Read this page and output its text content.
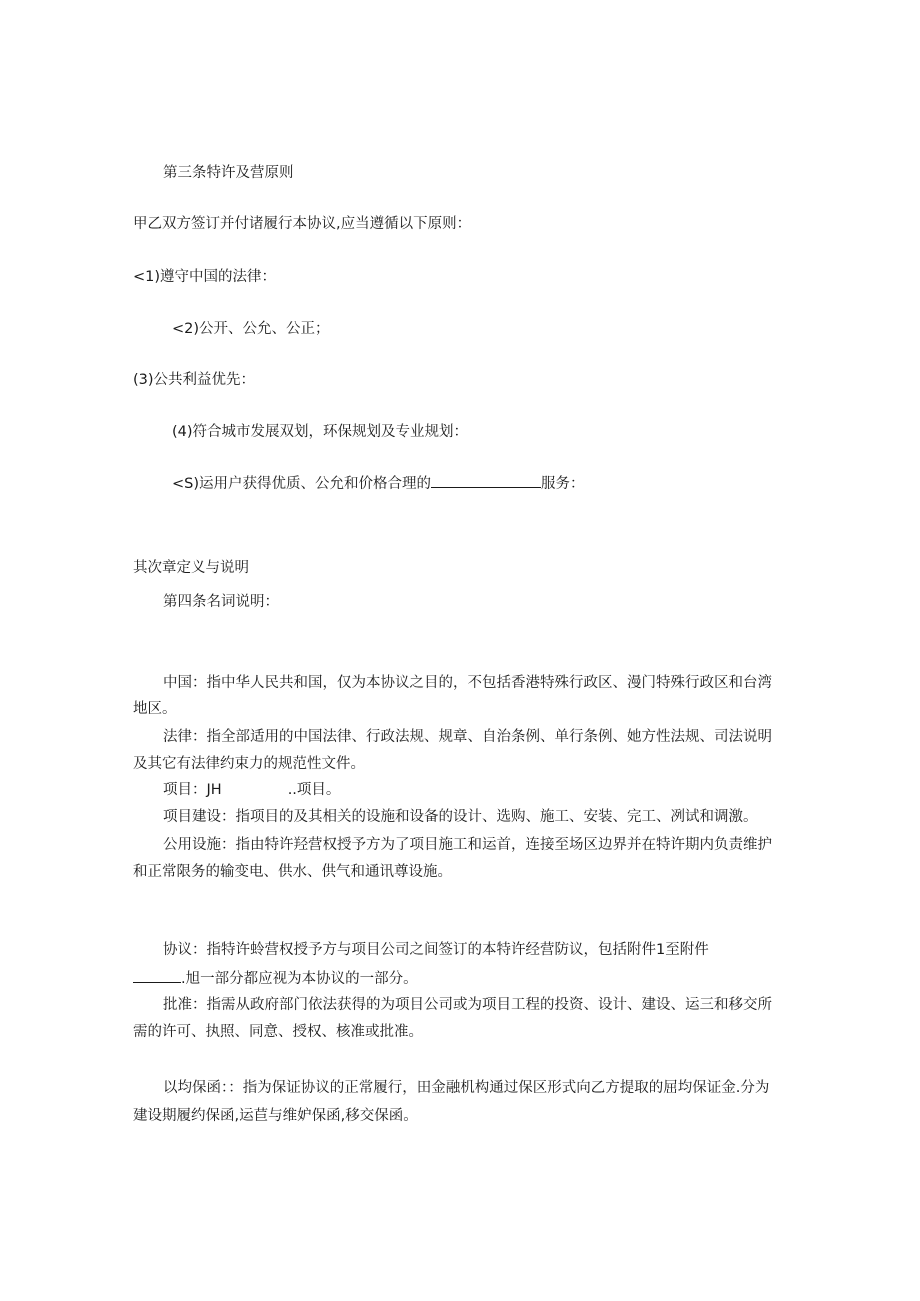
第三条特许及营原则
甲乙双方签订并付诸履行本协议,应当遵循以下原则：
<1)遵守中国的法律：
<2)公开、公允、公正；
(3)公共利益优先：
(4)符合城市发展双划，环保规划及专业规划：
<S)运用户获得优质、公允和价格合理的	服务：
其次章定义与说明
第四条名词说明：
中国：指中华人民共和国，仅为本协议之目的，不包括香港特殊行政区、漫门特殊行政区和台湾
地区。
法律：指全部适用的中国法律、行政法规、规章、自治条例、单行条例、她方性法规、司法说明
及其它有法律约束力的规范性文件。
项目：JH	..项目。
项目建设：指项目的及其相关的设施和设备的设计、选购、施工、安装、完工、冽试和调激。
公用设施：指由特许羟营权授予方为了项目施工和运首，连接至场区边界并在特许期内负责维护
和正常限务的输变电、供水、供气和通讯尊设施。
协议：指特许蛉营权授予方与项目公司之间签订的本特许经营防议，包括附件1至附件
.旭一部分都应视为本协议的一部分。
批准：指需从政府部门依法获得的为项目公司或为项目工程的投资、设计、建设、运三和移交所
需的许可、执照、同意、授权、核准或批准。
以均保函：：指为保证协议的正常履行，田金融机构通过保区形式向乙方提取的屈均保证金.分为
建设期履约保函,运苣与维妒保函,移交保函。
